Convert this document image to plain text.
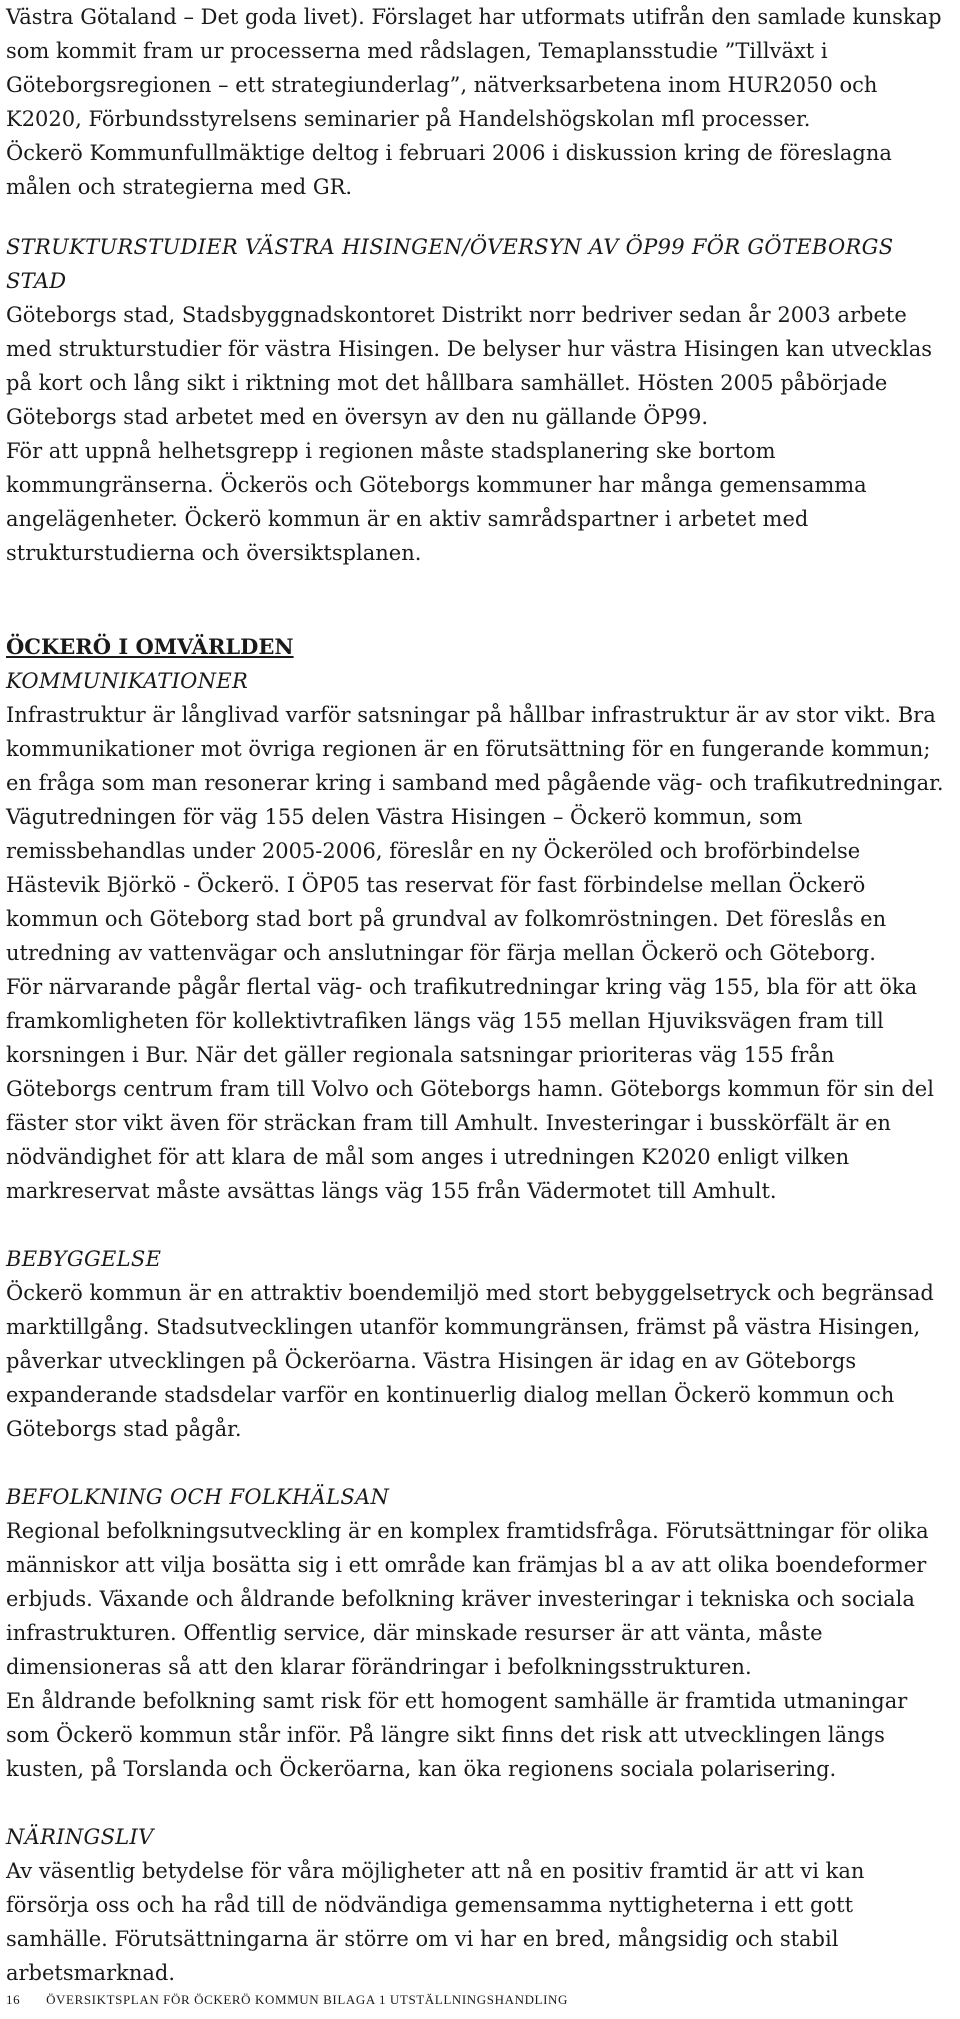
Västra Götaland – Det goda livet). Förslaget har utformats utifrån den samlade kunskap som kommit fram ur processerna med rådslagen, Temaplansstudie ”Tillväxt i Göteborgsregionen – ett strategiunderlag”, nätverksarbetena inom HUR2050 och K2020, Förbundsstyrelsens seminarier på Handelshögskolan mfl processer.

Öckerö Kommunfullmäktige deltog i februari 2006 i diskussion kring de föreslagna målen och strategierna med GR.

STRUKTURSTUDIER VÄSTRA HISINGEN/ÖVERSYN AV ÖP99 FÖR GÖTEBORGS STAD

Göteborgs stad, Stadsbyggnadskontoret Distrikt norr bedriver sedan år 2003 arbete med strukturstudier för västra Hisingen. De belyser hur västra Hisingen kan utvecklas på kort och lång sikt i riktning mot det hållbara samhället. Hösten 2005 påbörjade Göteborgs stad arbetet med en översyn av den nu gällande ÖP99.

För att uppnå helhetsgrepp i regionen måste stadsplanering ske bortom kommungränserna. Öckerös och Göteborgs kommuner har många gemensamma angelägenheter. Öckerö kommun är en aktiv samrådspartner i arbetet med strukturstudierna och översiktsplanen.

ÖCKERÖ I OMVÄRLDEN

KOMMUNIKATIONER

Infrastruktur är långlivad varför satsningar på hållbar infrastruktur är av stor vikt. Bra kommunikationer mot övriga regionen är en förutsättning för en fungerande kommun; en fråga som man resonerar kring i samband med pågående väg- och trafikutredningar. Vägutredningen för väg 155 delen Västra Hisingen – Öckerö kommun, som remissbehandlas under 2005-2006, föreslår en ny Öckeröled och broförbindelse Hästevik Björkö - Öckerö. I ÖP05 tas reservat för fast förbindelse mellan Öckerö kommun och Göteborg stad bort på grundval av folkomröstningen. Det föreslås en utredning av vattenvägar och anslutningar för färja mellan Öckerö och Göteborg.

För närvarande pågår flertal väg- och trafikutredningar kring väg 155, bla för att öka framkomligheten för kollektivtrafiken längs väg 155 mellan Hjuviksvägen fram till korsningen i Bur. När det gäller regionala satsningar prioriteras väg 155 från Göteborgs centrum fram till Volvo och Göteborgs hamn. Göteborgs kommun för sin del fäster stor vikt även för sträckan fram till Amhult. Investeringar i busskörfält är en nödvändighet för att klara de mål som anges i utredningen K2020 enligt vilken markreservat måste avsättas längs väg 155 från Vädermotet till Amhult.

BEBYGGELSE

Öckerö kommun är en attraktiv boendemiljö med stort bebyggelsetryck och begränsad marktillgång. Stadsutvecklingen utanför kommungränsen, främst på västra Hisingen, påverkar utvecklingen på Öckeröarna. Västra Hisingen är idag en av Göteborgs expanderande stadsdelar varför en kontinuerlig dialog mellan Öckerö kommun och Göteborgs stad pågår.

BEFOLKNING OCH FOLKHÄLSAN

Regional befolkningsutveckling är en komplex framtidsfråga. Förutsättningar för olika människor att vilja bosätta sig i ett område kan främjas bl a av att olika boendeformer erbjuds. Växande och åldrande befolkning kräver investeringar i tekniska och sociala infrastrukturen. Offentlig service, där minskade resurser är att vänta, måste dimensioneras så att den klarar förändringar i befolkningsstrukturen.

En åldrande befolkning samt risk för ett homogent samhälle är framtida utmaningar som Öckerö kommun står inför. På längre sikt finns det risk att utvecklingen längs kusten, på Torslanda och Öckeröarna, kan öka regionens sociala polarisering.

NÄRINGSLIV

Av väsentlig betydelse för våra möjligheter att nå en positiv framtid är att vi kan försörja oss och ha råd till de nödvändiga gemensamma nyttigheterna i ett gott samhälle. Förutsättningarna är större om vi har en bred, mångsidig och stabil arbetsmarknad.

16 ÖVERSIKTSPLAN FÖR ÖCKERÖ KOMMUN BILAGA 1 UTSTÄLLNINGSHANDLING
